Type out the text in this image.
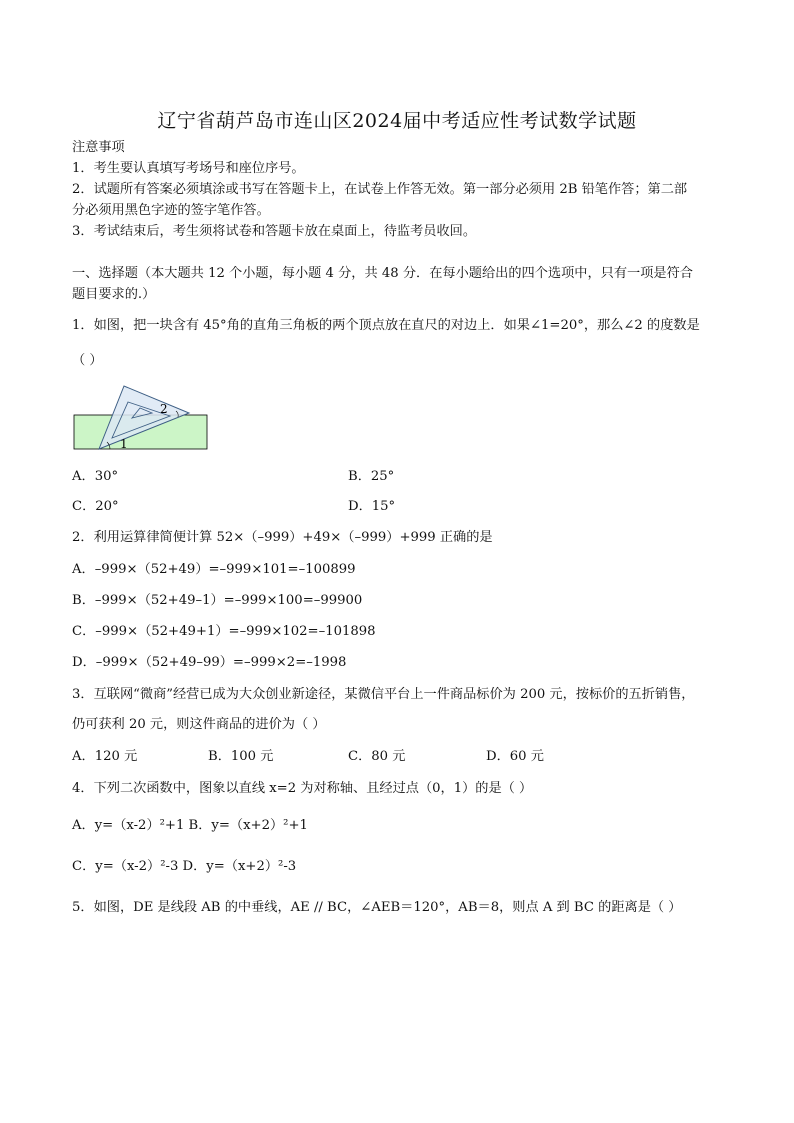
辽宁省葫芦岛市连山区2024届中考适应性考试数学试题
注意事项
1．考生要认真填写考场号和座位序号。
2．试题所有答案必须填涂或书写在答题卡上，在试卷上作答无效。第一部分必须用 2B 铅笔作答；第二部
分必须用黑色字迹的签字笔作答。
3．考试结束后，考生须将试卷和答题卡放在桌面上，待监考员收回。
一、选择题（本大题共 12 个小题，每小题 4 分，共 48 分．在每小题给出的四个选项中，只有一项是符合
题目要求的.）
1．如图，把一块含有 45°角的直角三角板的两个顶点放在直尺的对边上．如果∠1=20°，那么∠2 的度数是
（ ）
2
1
A．30°	B．25°
C．20°	D．15°
2．利用运算律简便计算 52×（–999）+49×（–999）+999 正确的是
A．–999×（52+49）=–999×101=–100899
B．–999×（52+49–1）=–999×100=–99900
C．–999×（52+49+1）=–999×102=–101898
D．–999×（52+49–99）=–999×2=–1998
3．互联网“微商”经营已成为大众创业新途径，某微信平台上一件商品标价为 200 元，按标价的五折销售，
仍可获利 20 元，则这件商品的进价为（ ）
A．120 元	B．100 元	C．80 元	D．60 元
4．下列二次函数中，图象以直线 x=2 为对称轴、且经过点（0，1）的是（ ）
A．y=（x-2）²+1 B．y=（x+2）²+1
C．y=（x-2）²-3 D．y=（x+2）²-3
5．如图，DE 是线段 AB 的中垂线，AE // BC，∠AEB＝120°，AB＝8，则点 A 到 BC 的距离是（ ）
